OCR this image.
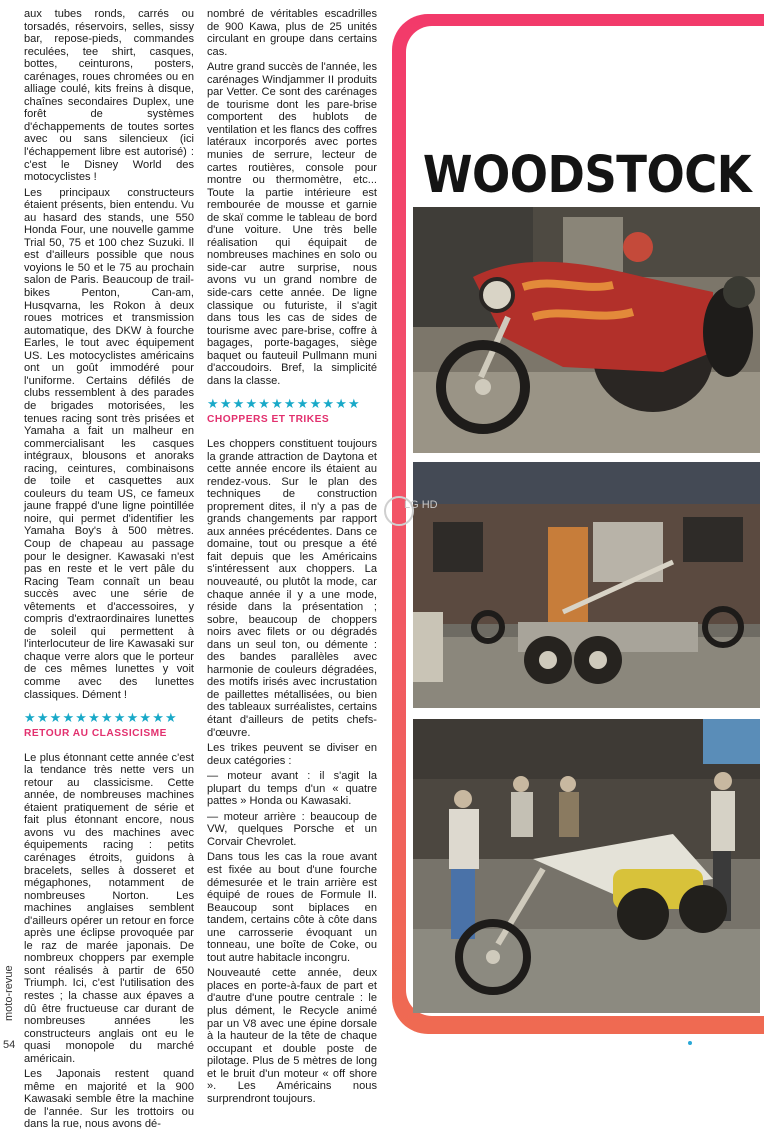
aux tubes ronds, carrés ou torsadés, réservoirs, selles, sissy bar, repose-pieds, commandes reculées, tee shirt, casques, bottes, ceinturons, posters, carénages, roues chromées ou en alliage coulé, kits freins à disque, chaînes secondaires Duplex, une forêt de systèmes d'échappements de toutes sortes avec ou sans silencieux (ici l'échappement libre est autorisé) : c'est le Disney World des motocyclistes !

Les principaux constructeurs étaient présents, bien entendu. Vu au hasard des stands, une 550 Honda Four, une nouvelle gamme Trial 50, 75 et 100 chez Suzuki. Il est d'ailleurs possible que nous voyions le 50 et le 75 au prochain salon de Paris. Beaucoup de trail-bikes Penton, Can-am, Husqvarna, les Rokon à deux roues motrices et transmission automatique, des DKW à fourche Earles, le tout avec équipement US. Les motocyclistes américains ont un goût immodéré pour l'uniforme. Certains défilés de clubs ressemblent à des parades de brigades motorisées, les tenues racing sont très prisées et Yamaha a fait un malheur en commercialisant les casques intégraux, blousons et anoraks racing, ceintures, combinaisons de toile et casquettes aux couleurs du team US, ce fameux jaune frappé d'une ligne pointillée noire, qui permet d'identifier les Yamaha Boy's à 500 mètres. Coup de chapeau au passage pour le designer. Kawasaki n'est pas en reste et le vert pâle du Racing Team connaît un beau succès avec une série de vêtements et d'accessoires, y compris d'extraordinaires lunettes de soleil qui permettent à l'interlocuteur de lire Kawasaki sur chaque verre alors que le porteur de ces mêmes lunettes y voit comme avec des lunettes classiques. Dément !

★★★★★★★★★★★★
RETOUR AU CLASSICISME

Le plus étonnant cette année c'est la tendance très nette vers un retour au classicisme. Cette année, de nombreuses machines étaient pratiquement de série et fait plus étonnant encore, nous avons vu des machines avec équipements racing : petits carénages étroits, guidons à bracelets, selles à dosseret et mégaphones, notamment de nombreuses Norton. Les machines anglaises semblent d'ailleurs opérer un retour en force après une éclipse provoquée par le raz de marée japonais. De nombreux choppers par exemple sont réalisés à partir de 650 Triumph. Ici, c'est l'utilisation des restes ; la chasse aux épaves a dû être fructueuse car durant de nombreuses années les constructeurs anglais ont eu le quasi monopole du marché américain.

Les Japonais restent quand même en majorité et la 900 Kawasaki semble être la machine de l'année. Sur les trottoirs ou dans la rue, nous avons dé-

nombré de véritables escadrilles de 900 Kawa, plus de 25 unités circulant en groupe dans certains cas.

Autre grand succès de l'année, les carénages Windjammer II produits par Vetter. Ce sont des carénages de tourisme dont les pare-brise comportent des hublots de ventilation et les flancs des coffres latéraux incorporés avec portes munies de serrure, lecteur de cartes routières, console pour montre ou thermomètre, etc... Toute la partie intérieure est rembourée de mousse et garnie de skaï comme le tableau de bord d'une voiture. Une très belle réalisation qui équipait de nombreuses machines en solo ou side-car autre surprise, nous avons vu un grand nombre de side-cars cette année. De ligne classique ou futuriste, il s'agit dans tous les cas de sides de tourisme avec pare-brise, coffre à bagages, porte-bagages, siège baquet ou fauteuil Pullmann muni d'accoudoirs. Bref, la simplicité dans la classe.

★★★★★★★★★★★★
CHOPPERS ET TRIKES

Les choppers constituent toujours la grande attraction de Daytona et cette année encore ils étaient au rendez-vous. Sur le plan des techniques de construction proprement dites, il n'y a pas de grands changements par rapport aux années précédentes. Dans ce domaine, tout ou presque a été fait depuis que les Américains s'intéressent aux choppers. La nouveauté, ou plutôt la mode, car chaque année il y a une mode, réside dans la présentation ; sobre, beaucoup de choppers noirs avec filets or ou dégradés dans un seul ton, ou démente : des bandes parallèles avec harmonie de couleurs dégradées, des motifs irisés avec incrustation de paillettes métallisées, ou bien des tableaux surréalistes, certains étant d'ailleurs de petits chefs-d'œuvre.

Les trikes peuvent se diviser en deux catégories :

— moteur avant : il s'agit la plupart du temps d'un « quatre pattes » Honda ou Kawasaki.

— moteur arrière : beaucoup de VW, quelques Porsche et un Corvair Chevrolet.

Dans tous les cas la roue avant est fixée au bout d'une fourche démesurée et le train arrière est équipé de roues de Formule II. Beaucoup sont biplaces en tandem, certains côte à côte dans une carrosserie évoquant un tonneau, une boîte de Coke, ou tout autre habitacle incongru.

Nouveauté cette année, deux places en porte-à-faux de part et d'autre d'une poutre centrale : le plus dément, le Recycle animé par un V8 avec une épine dorsale à la hauteur de la tête de chaque occupant et double poste de pilotage. Plus de 5 mètres de long et le bruit d'un moteur « off shore ». Les Américains nous surprendront toujours.

moto-revue
54
WOODSTOCK
LG HD
